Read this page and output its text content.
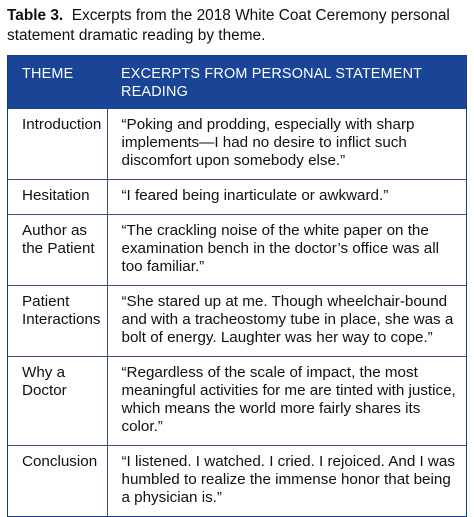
Table 3. Excerpts from the 2018 White Coat Ceremony personal statement dramatic reading by theme.
THEME	EXCERPTS FROM PERSONAL STATEMENT READING
Introduction	“Poking and prodding, especially with sharp implements—I had no desire to inflict such discomfort upon somebody else.”
Hesitation	“I feared being inarticulate or awkward.”
Author as the Patient	“The crackling noise of the white paper on the examination bench in the doctor’s office was all too familiar.”
Patient Interactions	“She stared up at me. Though wheelchair-bound and with a tracheostomy tube in place, she was a bolt of energy. Laughter was her way to cope.”
Why a Doctor	“Regardless of the scale of impact, the most meaningful activities for me are tinted with justice, which means the world more fairly shares its color.”
Conclusion	“I listened. I watched. I cried. I rejoiced. And I was humbled to realize the immense honor that being a physician is.”
